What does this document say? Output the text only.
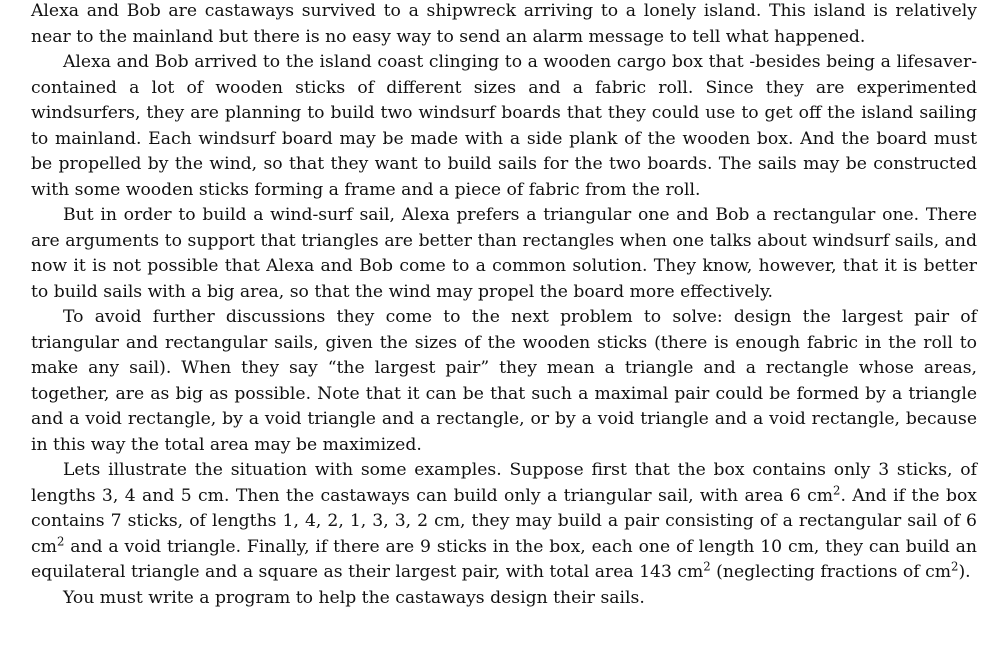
Alexa and Bob are castaways survived to a shipwreck arriving to a lonely island. This island is relatively near to the mainland but there is no easy way to send an alarm message to tell what happened.

Alexa and Bob arrived to the island coast clinging to a wooden cargo box that -besides being a lifesaver- contained a lot of wooden sticks of different sizes and a fabric roll. Since they are experimented windsurfers, they are planning to build two windsurf boards that they could use to get off the island sailing to mainland. Each windsurf board may be made with a side plank of the wooden box. And the board must be propelled by the wind, so that they want to build sails for the two boards. The sails may be constructed with some wooden sticks forming a frame and a piece of fabric from the roll.

But in order to build a wind-surf sail, Alexa prefers a triangular one and Bob a rectangular one. There are arguments to support that triangles are better than rectangles when one talks about windsurf sails, and now it is not possible that Alexa and Bob come to a common solution. They know, however, that it is better to build sails with a big area, so that the wind may propel the board more effectively.

To avoid further discussions they come to the next problem to solve: design the largest pair of triangular and rectangular sails, given the sizes of the wooden sticks (there is enough fabric in the roll to make any sail). When they say “the largest pair” they mean a triangle and a rectangle whose areas, together, are as big as possible. Note that it can be that such a maximal pair could be formed by a triangle and a void rectangle, by a void triangle and a rectangle, or by a void triangle and a void rectangle, because in this way the total area may be maximized.

Lets illustrate the situation with some examples. Suppose first that the box contains only 3 sticks, of lengths 3, 4 and 5 cm. Then the castaways can build only a triangular sail, with area 6 $cm^2$. And if the box contains 7 sticks, of lengths 1, 4, 2, 1, 3, 3, 2 cm, they may build a pair consisting of a rectangular sail of 6 $cm^2$ and a void triangle. Finally, if there are 9 sticks in the box, each one of length 10 cm, they can build an equilateral triangle and a square as their largest pair, with total area 143 $cm^2$ (neglecting fractions of $cm^2$).

You must write a program to help the castaways design their sails.
